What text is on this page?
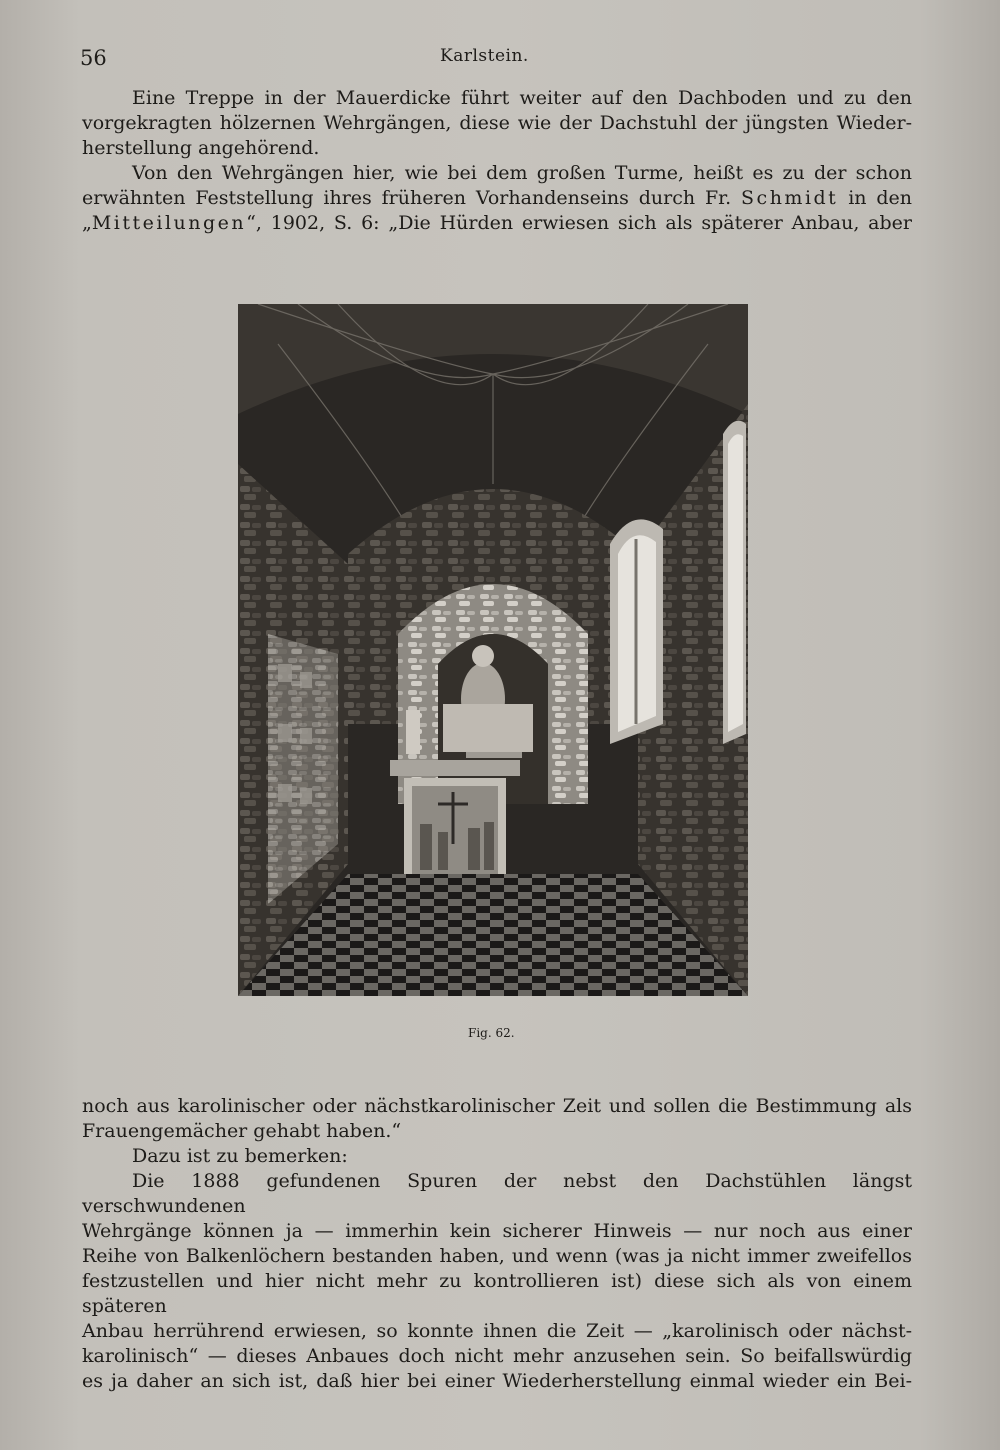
56	Karlstein.

Eine Treppe in der Mauerdicke führt weiter auf den Dachboden und zu den

vorgekragten hölzernen Wehrgängen, diese wie der Dachstuhl der jüngsten Wieder-

herstellung angehörend.

Von den Wehrgängen hier, wie bei dem großen Turme, heißt es zu der schon

erwähnten Feststellung ihres früheren Vorhandenseins durch Fr. Schmidt in den

„Mitteilungen“, 1902, S. 6: „Die Hürden erwiesen sich als späterer Anbau, aber

Fig. 62.

noch aus karolinischer oder nächstkarolinischer Zeit und sollen die Bestimmung als

Frauengemächer gehabt haben.“

Dazu ist zu bemerken:

Die 1888 gefundenen Spuren der nebst den Dachstühlen längst verschwundenen

Wehrgänge können ja — immerhin kein sicherer Hinweis — nur noch aus einer

Reihe von Balkenlöchern bestanden haben, und wenn (was ja nicht immer zweifellos

festzustellen und hier nicht mehr zu kontrollieren ist) diese sich als von einem späteren

Anbau herrührend erwiesen, so konnte ihnen die Zeit — „karolinisch oder nächst-

karolinisch“ — dieses Anbaues doch nicht mehr anzusehen sein. So beifallswürdig

es ja daher an sich ist, daß hier bei einer Wiederherstellung einmal wieder ein Bei-
